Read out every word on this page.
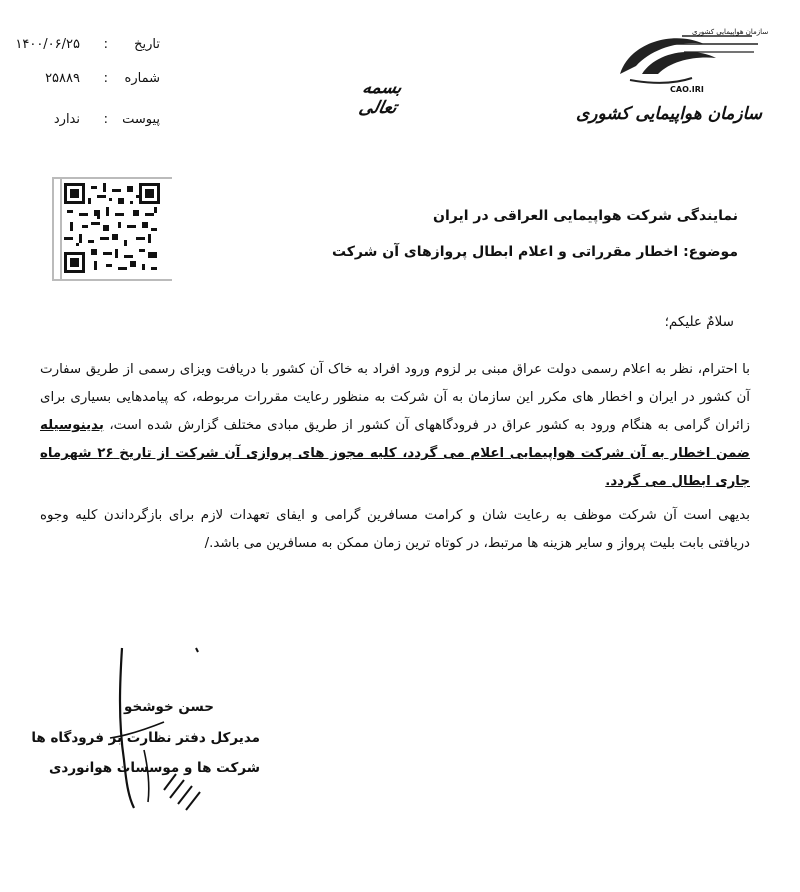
تاریخ
:
۱۴۰۰/۰۶/۲۵
شماره
:
۲۵۸۸۹
پیوست
:
ندارد
بسمه تعالی
سازمان هواپیمایی کشوری
CAO.IRI
سازمان هواپیمایی کشوری
نمایندگی شرکت هواپیمایی العراقی در ایران
موضوع: اخطار مقرراتی و اعلام ابطال پروازهای آن شرکت
سلامٌ علیکم؛
با احترام، نظر به اعلام رسمی دولت عراق مبنی بر لزوم ورود افراد به خاک آن کشور با دریافت ویزای رسمی از طریق سفارت آن کشور در ایران و اخطار های مکرر این سازمان به آن شرکت به منظور رعایت مقررات مربوطه، که پیامدهایی بسیاری برای زائران گرامی به هنگام ورود به کشور عراق در فرودگاههای آن کشور از طریق مبادی مختلف گزارش شده است، بدینوسیله ضمن اخطار به آن شرکت هواپیمایی اعلام می گردد، کلیه مجوز های پروازی آن شرکت از تاریخ ۲۶ شهرماه جاری ابطال می گردد.
بدیهی است آن شرکت موظف به رعایت شان و کرامت مسافرین گرامی و ایفای تعهدات لازم برای بازگرداندن کلیه وجوه دریافتی بابت بلیت پرواز و سایر هزینه ها مرتبط، در کوتاه ترین زمان ممکن به مسافرین می باشد./
حسن خوشخو
مدیرکل دفتر نظارت بر فرودگاه ها
شرکت ها و موسسات هوانوردی
